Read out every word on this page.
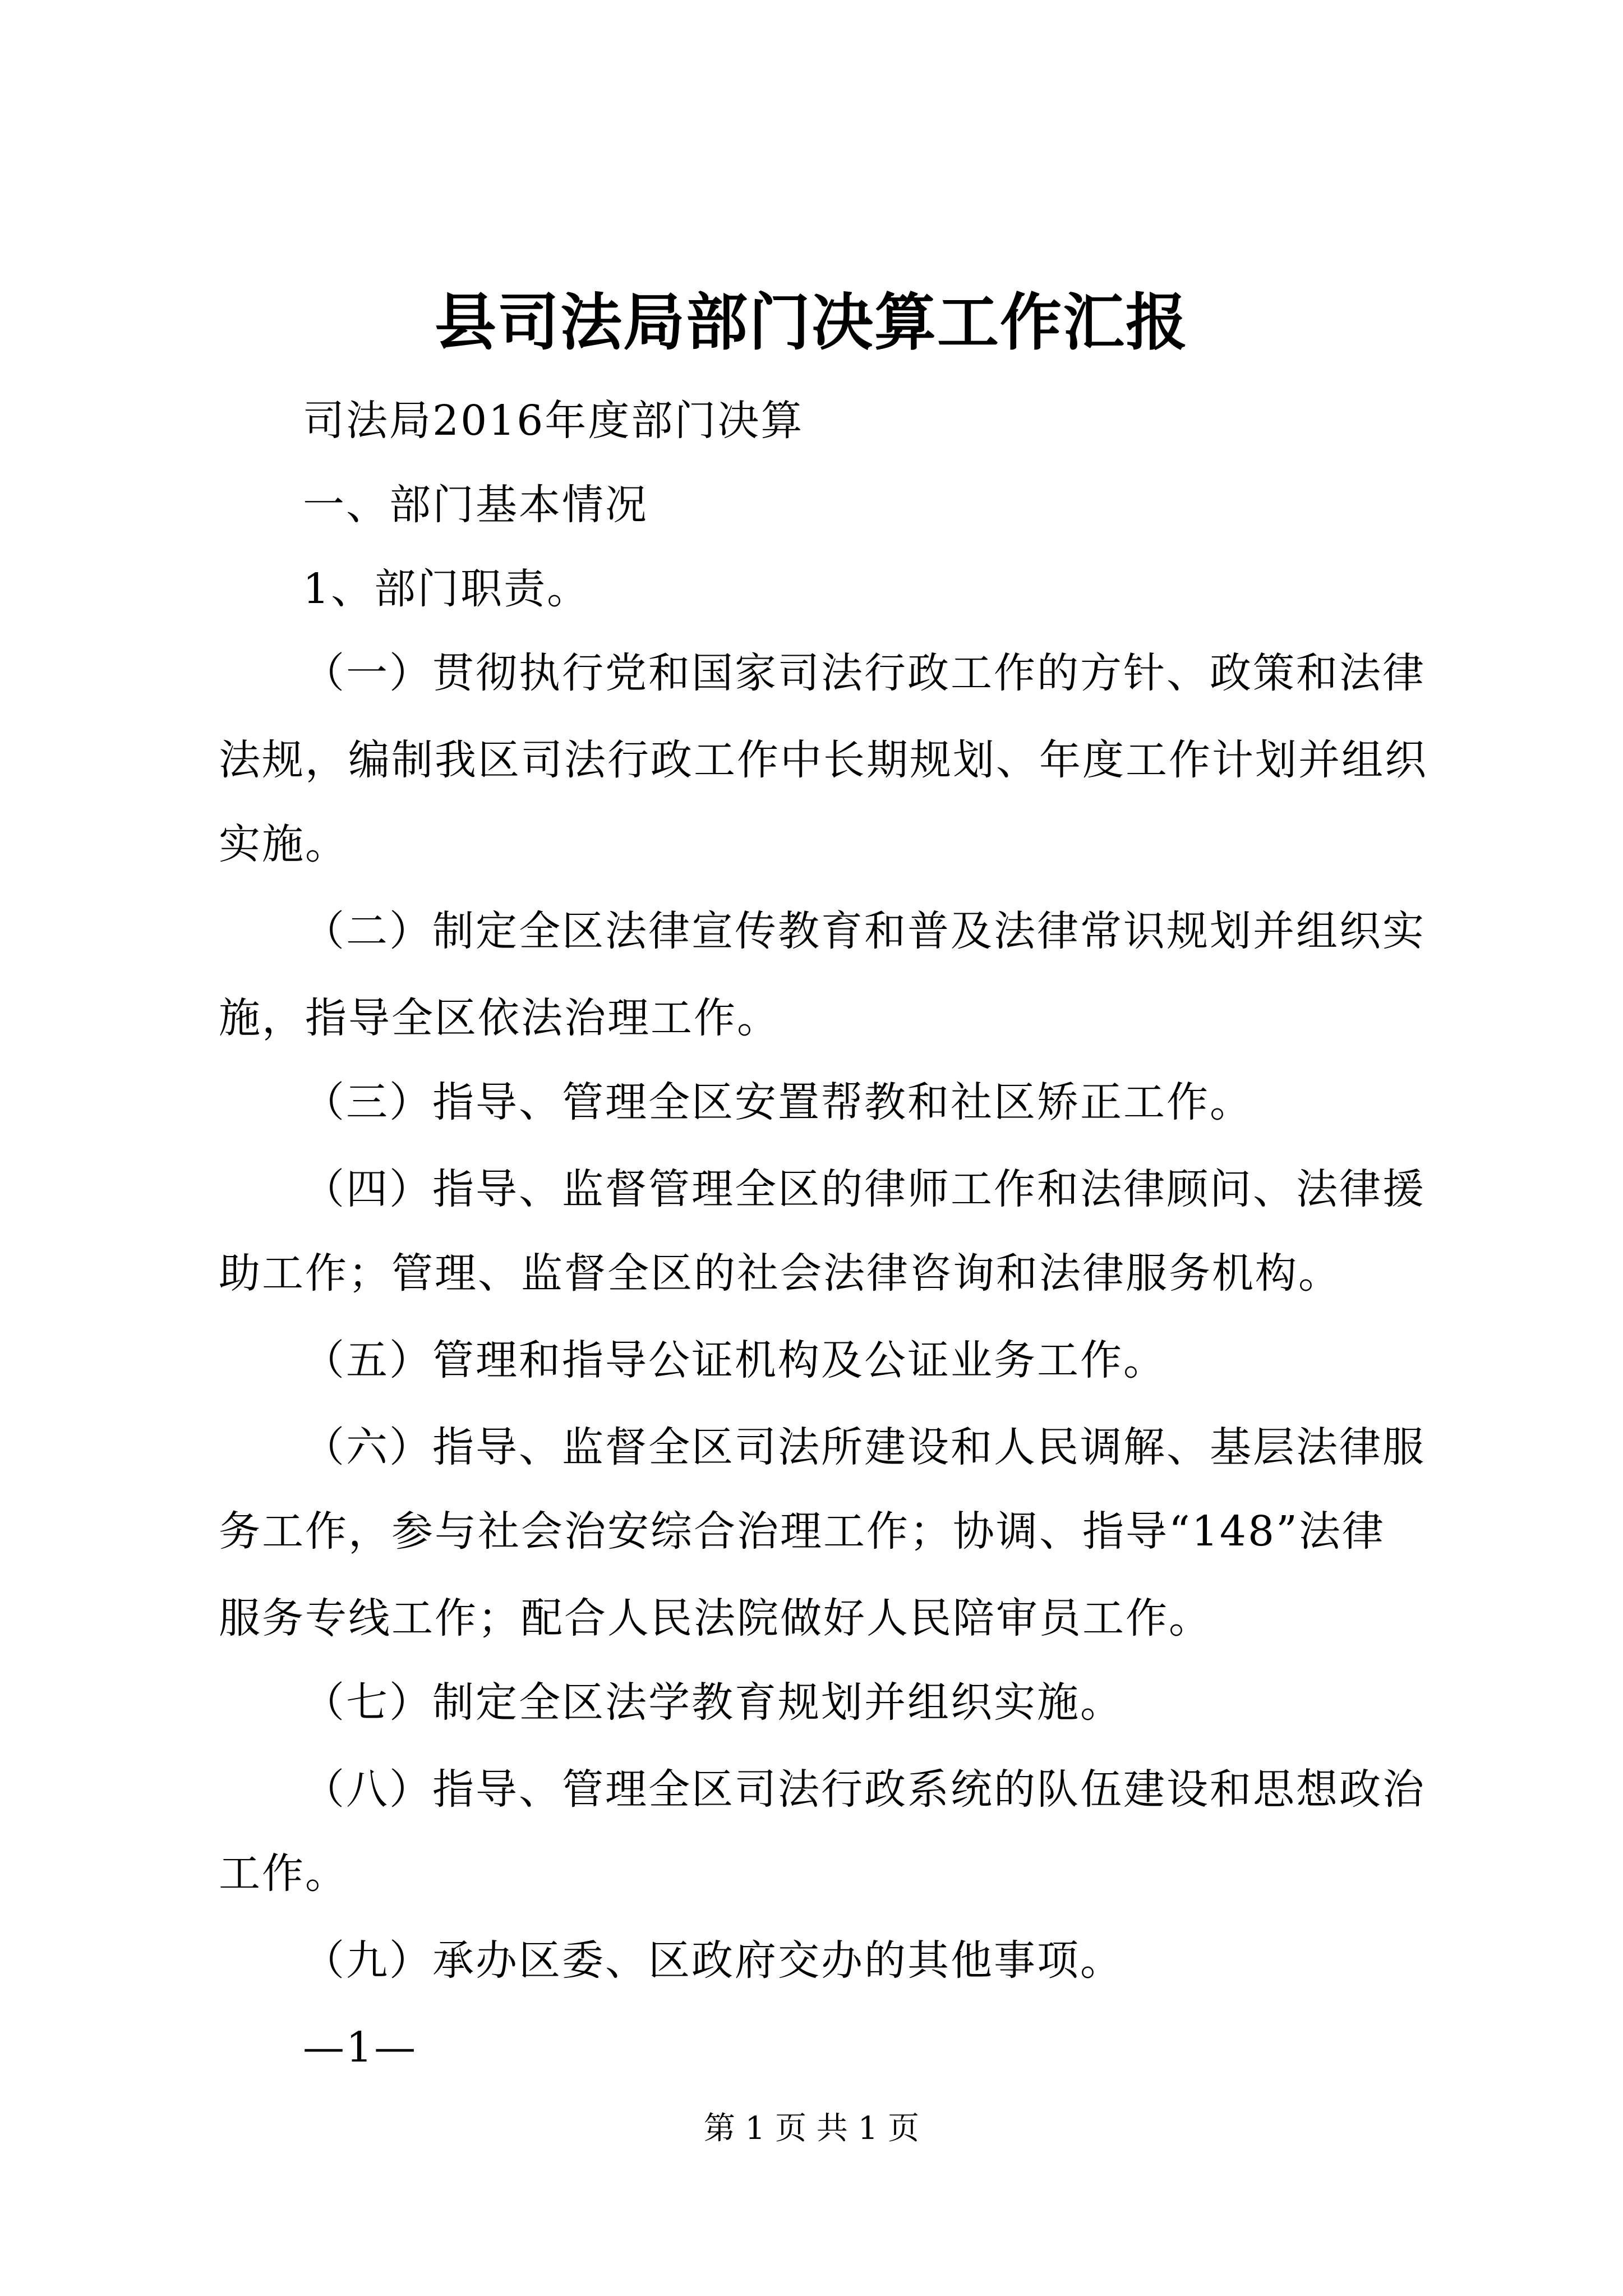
县司法局部门决算工作汇报
司法局2016年度部门决算
一、部门基本情况
1、部门职责。
（一）贯彻执行党和国家司法行政工作的方针、政策和法律
法规，编制我区司法行政工作中长期规划、年度工作计划并组织
实施。
（二）制定全区法律宣传教育和普及法律常识规划并组织实
施，指导全区依法治理工作。
（三）指导、管理全区安置帮教和社区矫正工作。
（四）指导、监督管理全区的律师工作和法律顾问、法律援
助工作；管理、监督全区的社会法律咨询和法律服务机构。
（五）管理和指导公证机构及公证业务工作。
（六）指导、监督全区司法所建设和人民调解、基层法律服
务工作，参与社会治安综合治理工作；协调、指导“148”法律
服务专线工作；配合人民法院做好人民陪审员工作。
（七）制定全区法学教育规划并组织实施。
（八）指导、管理全区司法行政系统的队伍建设和思想政治
工作。
（九）承办区委、区政府交办的其他事项。
—1—
第 1 页 共 1 页
